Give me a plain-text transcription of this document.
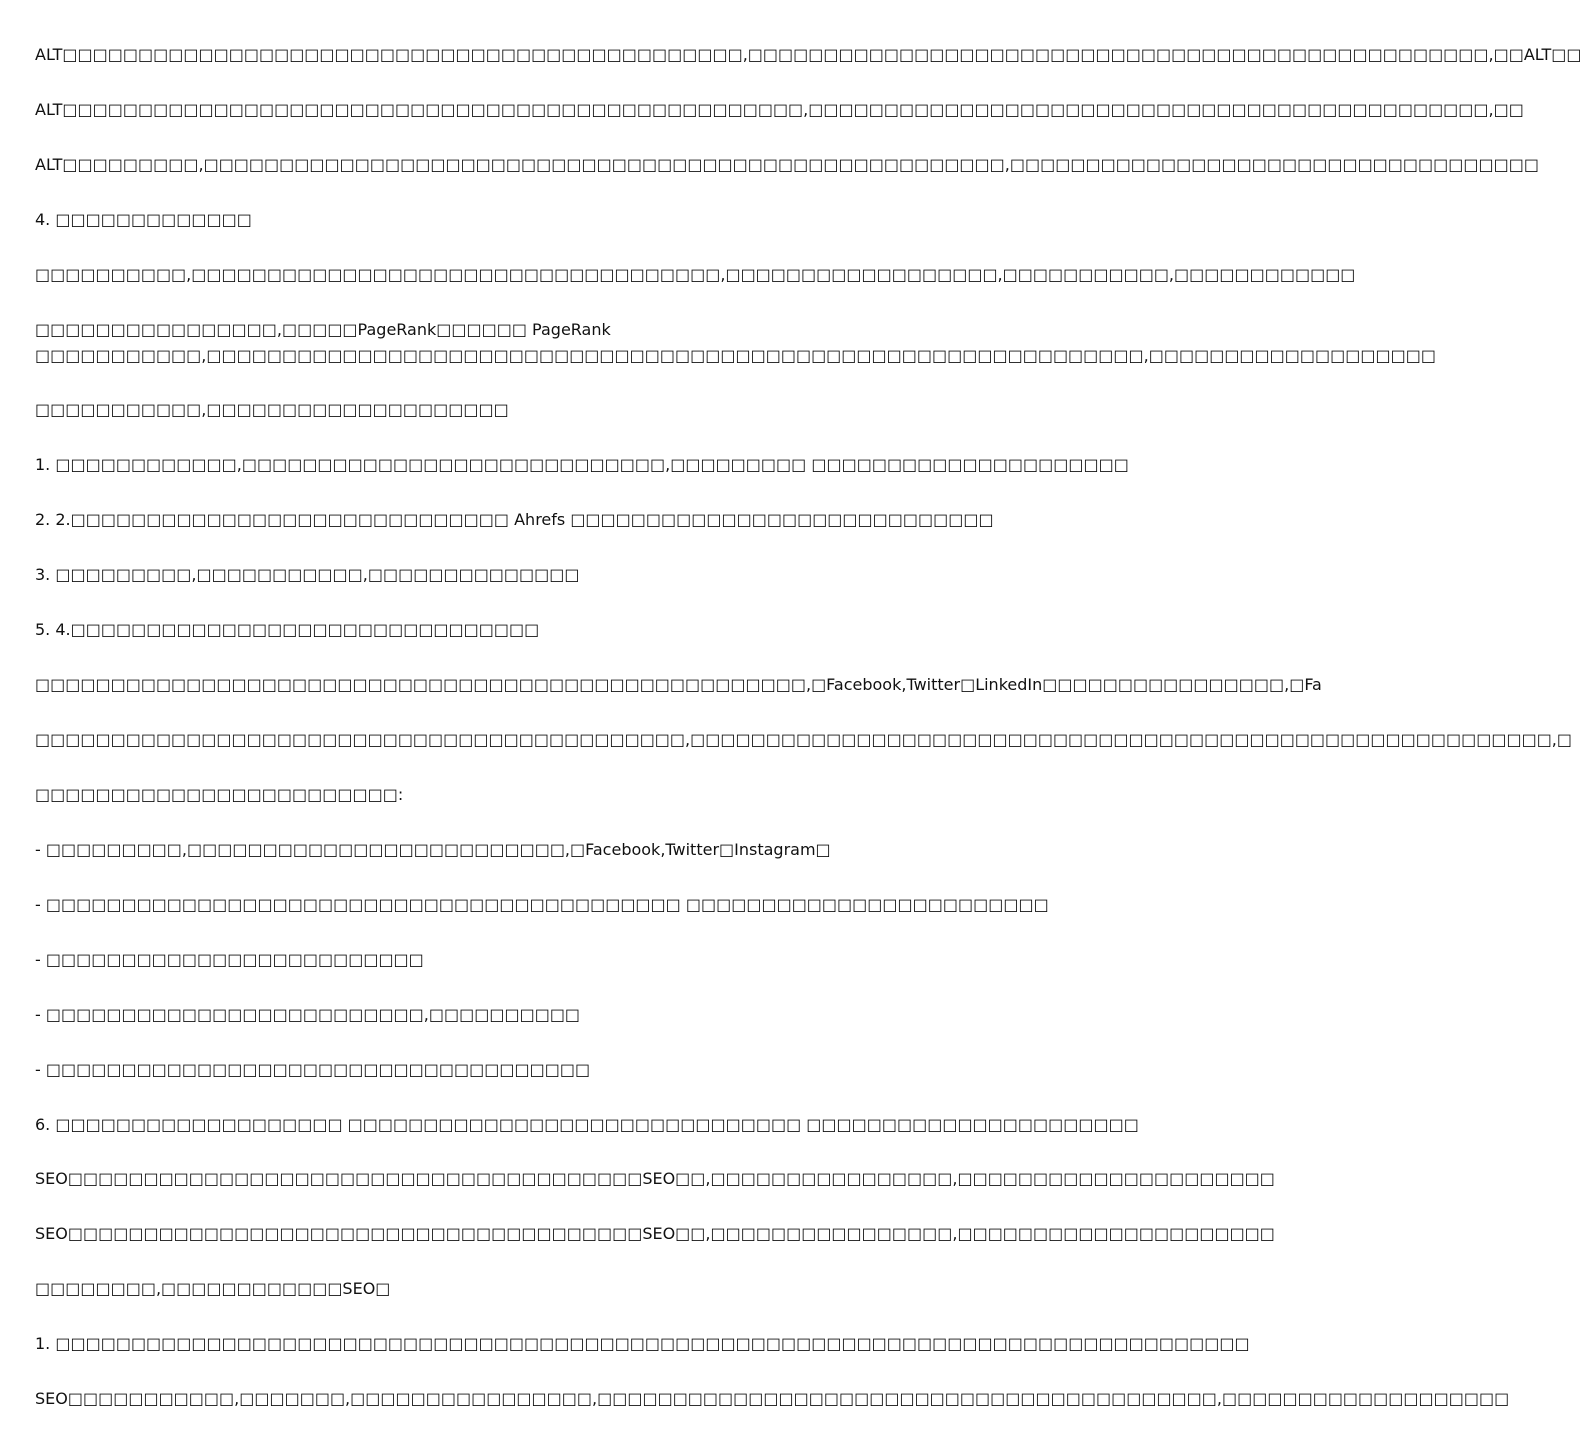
ALT□□□□□□□□□□□□□□□□□□□□□□□□□□□□□□□□□□□□□□□□□□□□□,□□□□□□□□□□□□□□□□□□□□□□□□□□□□□□□□□□□□□□□□□□□□□□□□□,□□ALT□□

ALT□□□□□□□□□□□□□□□□□□□□□□□□□□□□□□□□□□□□□□□□□□□□□□□□□,□□□□□□□□□□□□□□□□□□□□□□□□□□□□□□□□□□□□□□□□□□□□□,□□

ALT□□□□□□□□□,□□□□□□□□□□□□□□□□□□□□□□□□□□□□□□□□□□□□□□□□□□□□□□□□□□□□□,□□□□□□□□□□□□□□□□□□□□□□□□□□□□□□□□□□□

4. □□□□□□□□□□□□□

□□□□□□□□□□,□□□□□□□□□□□□□□□□□□□□□□□□□□□□□□□□□□□,□□□□□□□□□□□□□□□□□□,□□□□□□□□□□□,□□□□□□□□□□□□

□□□□□□□□□□□□□□□□,□□□□□PageRank□□□□□□ PageRank
□□□□□□□□□□□,□□□□□□□□□□□□□□□□□□□□□□□□□□□□□□□□□□□□□□□□□□□□□□□□□□□□□□□□□□□□□□,□□□□□□□□□□□□□□□□□□□

□□□□□□□□□□□,□□□□□□□□□□□□□□□□□□□□

1. □□□□□□□□□□□□,□□□□□□□□□□□□□□□□□□□□□□□□□□□□,□□□□□□□□□ □□□□□□□□□□□□□□□□□□□□□

2. 2.□□□□□□□□□□□□□□□□□□□□□□□□□□□□□ Ahrefs □□□□□□□□□□□□□□□□□□□□□□□□□□□□

3. □□□□□□□□□,□□□□□□□□□□□,□□□□□□□□□□□□□□

5. 4.□□□□□□□□□□□□□□□□□□□□□□□□□□□□□□□

□□□□□□□□□□□□□□□□□□□□□□□□□□□□□□□□□□□□□□□□□□□□□□□□□□□,□Facebook,Twitter□LinkedIn□□□□□□□□□□□□□□□□,□Fa

□□□□□□□□□□□□□□□□□□□□□□□□□□□□□□□□□□□□□□□□□□□,□□□□□□□□□□□□□□□□□□□□□□□□□□□□□□□□□□□□□□□□□□□□□□□□□□□□□□□□□,□

□□□□□□□□□□□□□□□□□□□□□□□□:

- □□□□□□□□□,□□□□□□□□□□□□□□□□□□□□□□□□□,□Facebook,Twitter□Instagram□

- □□□□□□□□□□□□□□□□□□□□□□□□□□□□□□□□□□□□□□□□□□ □□□□□□□□□□□□□□□□□□□□□□□□

- □□□□□□□□□□□□□□□□□□□□□□□□□

- □□□□□□□□□□□□□□□□□□□□□□□□□,□□□□□□□□□□

- □□□□□□□□□□□□□□□□□□□□□□□□□□□□□□□□□□□□

6. □□□□□□□□□□□□□□□□□□□ □□□□□□□□□□□□□□□□□□□□□□□□□□□□□□ □□□□□□□□□□□□□□□□□□□□□□

SEO□□□□□□□□□□□□□□□□□□□□□□□□□□□□□□□□□□□□□□SEO□□,□□□□□□□□□□□□□□□□,□□□□□□□□□□□□□□□□□□□□□

SEO□□□□□□□□□□□□□□□□□□□□□□□□□□□□□□□□□□□□□□SEO□□,□□□□□□□□□□□□□□□□,□□□□□□□□□□□□□□□□□□□□□

□□□□□□□□,□□□□□□□□□□□□SEO□

1. □□□□□□□□□□□□□□□□□□□□□□□□□□□□□□□□□□□□□□□□□□□□□□□□□□□□□□□□□□□□□□□□□□□□□□□□□□□□□□□

SEO□□□□□□□□□□□,□□□□□□□,□□□□□□□□□□□□□□□□,□□□□□□□□□□□□□□□□□□□□□□□□□□□□□□□□□□□□□□□□□,□□□□□□□□□□□□□□□□□□□
